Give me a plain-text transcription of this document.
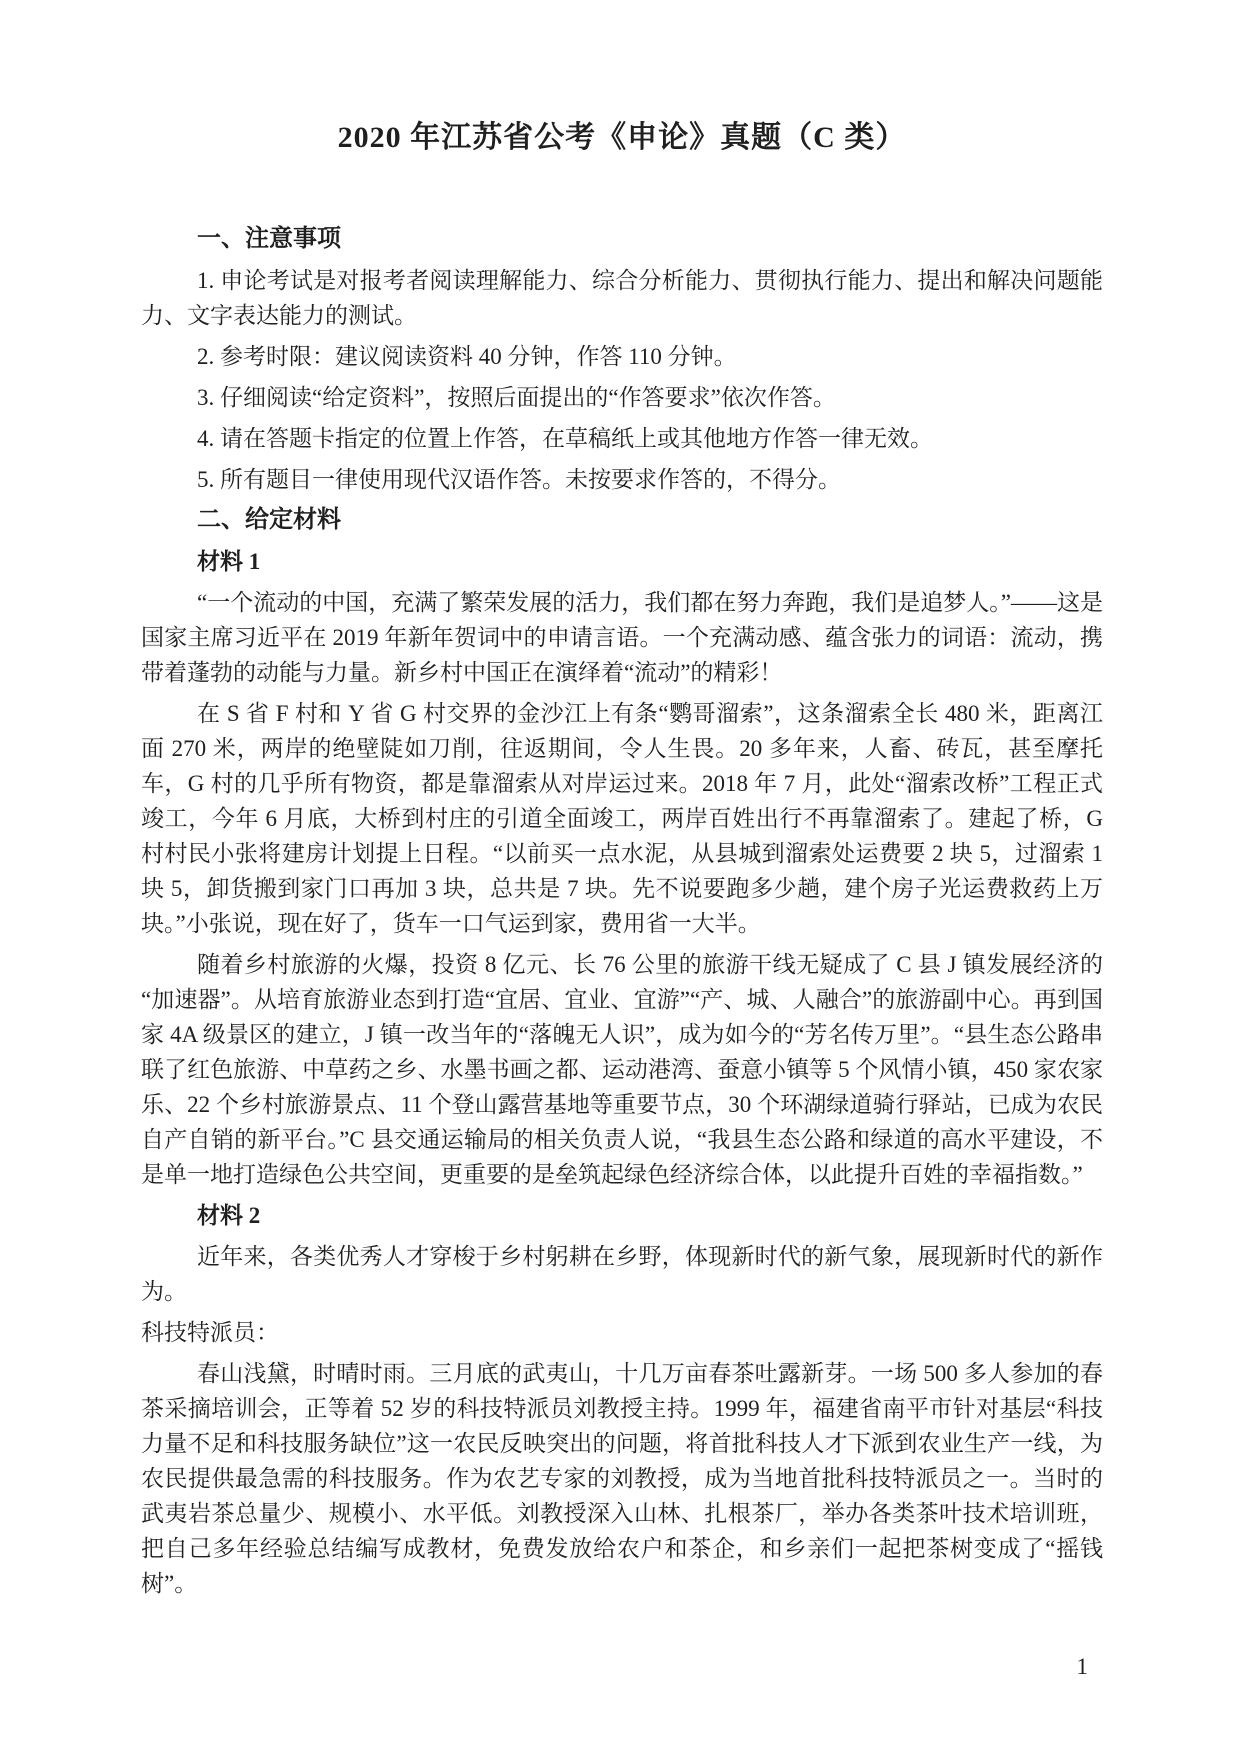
2020 年江苏省公考《申论》真题（C 类）
一、注意事项

1. 申论考试是对报考者阅读理解能力、综合分析能力、贯彻执行能力、提出和解决问题能力、文字表达能力的测试。

2. 参考时限：建议阅读资料 40 分钟，作答 110 分钟。

3. 仔细阅读“给定资料”，按照后面提出的“作答要求”依次作答。

4. 请在答题卡指定的位置上作答，在草稿纸上或其他地方作答一律无效。

5. 所有题目一律使用现代汉语作答。未按要求作答的，不得分。

二、给定材料
材料 1

“一个流动的中国，充满了繁荣发展的活力，我们都在努力奔跑，我们是追梦人。”——这是国家主席习近平在 2019 年新年贺词中的申请言语。一个充满动感、蕴含张力的词语：流动，携带着蓬勃的动能与力量。新乡村中国正在演绎着“流动”的精彩！

在 S 省 F 村和 Y 省 G 村交界的金沙江上有条“鹦哥溜索”，这条溜索全长 480 米，距离江面 270 米，两岸的绝壁陡如刀削，往返期间，令人生畏。20 多年来，人畜、砖瓦，甚至摩托车，G 村的几乎所有物资，都是靠溜索从对岸运过来。2018 年 7 月，此处“溜索改桥”工程正式竣工，今年 6 月底，大桥到村庄的引道全面竣工，两岸百姓出行不再靠溜索了。建起了桥，G 村村民小张将建房计划提上日程。“以前买一点水泥，从县城到溜索处运费要 2 块 5，过溜索 1 块 5，卸货搬到家门口再加 3 块，总共是 7 块。先不说要跑多少趟，建个房子光运费救药上万块。”小张说，现在好了，货车一口气运到家，费用省一大半。

随着乡村旅游的火爆，投资 8 亿元、长 76 公里的旅游干线无疑成了 C 县 J 镇发展经济的“加速器”。从培育旅游业态到打造“宜居、宜业、宜游”“产、城、人融合”的旅游副中心。再到国家 4A 级景区的建立，J 镇一改当年的“落魄无人识”，成为如今的“芳名传万里”。“县生态公路串联了红色旅游、中草药之乡、水墨书画之都、运动港湾、蚕意小镇等 5 个风情小镇，450 家农家乐、22 个乡村旅游景点、11 个登山露营基地等重要节点，30 个环湖绿道骑行驿站，已成为农民自产自销的新平台。”C 县交通运输局的相关负责人说，“我县生态公路和绿道的高水平建设，不是单一地打造绿色公共空间，更重要的是垒筑起绿色经济综合体，以此提升百姓的幸福指数。”

材料 2

近年来，各类优秀人才穿梭于乡村躬耕在乡野，体现新时代的新气象，展现新时代的新作为。

科技特派员：

春山浅黛，时晴时雨。三月底的武夷山，十几万亩春茶吐露新芽。一场 500 多人参加的春茶采摘培训会，正等着 52 岁的科技特派员刘教授主持。1999 年，福建省南平市针对基层“科技力量不足和科技服务缺位”这一农民反映突出的问题，将首批科技人才下派到农业生产一线，为农民提供最急需的科技服务。作为农艺专家的刘教授，成为当地首批科技特派员之一。当时的武夷岩茶总量少、规模小、水平低。刘教授深入山林、扎根茶厂，举办各类茶叶技术培训班，把自己多年经验总结编写成教材，免费发放给农户和茶企，和乡亲们一起把茶树变成了“摇钱树”。

1
